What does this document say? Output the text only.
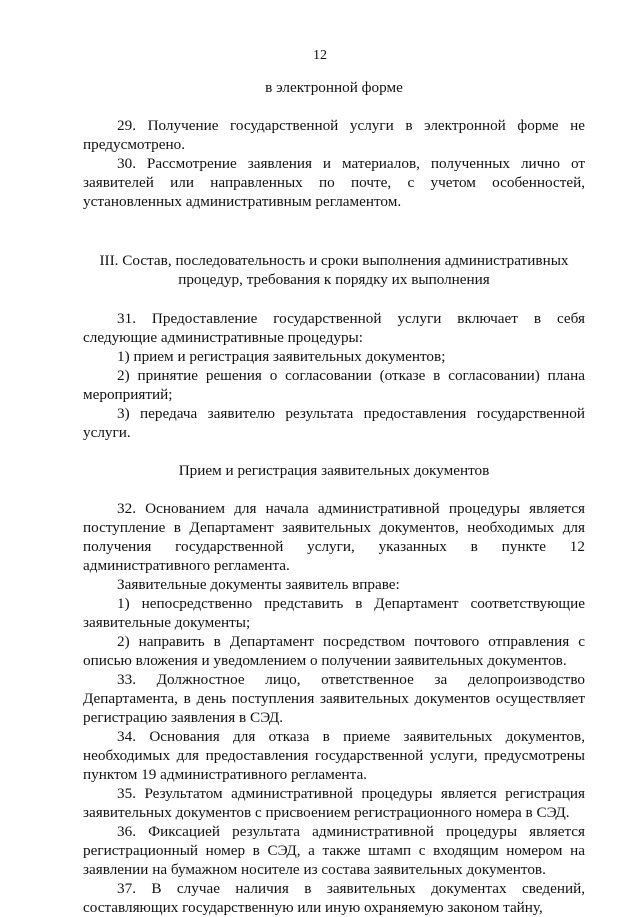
12

в электронной форме

29. Получение государственной услуги в электронной форме не предусмотрено.

30. Рассмотрение заявления и материалов, полученных лично от заявителей или направленных по почте, с учетом особенностей, установленных административным регламентом.

III. Состав, последовательность и сроки выполнения административных процедур, требования к порядку их выполнения

31. Предоставление государственной услуги включает в себя следующие административные процедуры:

1) прием и регистрация заявительных документов;

2) принятие решения о согласовании (отказе в согласовании) плана мероприятий;

3) передача заявителю результата предоставления государственной услуги.

Прием и регистрация заявительных документов

32. Основанием для начала административной процедуры является поступление в Департамент заявительных документов, необходимых для получения государственной услуги, указанных в пункте 12 административного регламента.

Заявительные документы заявитель вправе:

1) непосредственно представить в Департамент соответствующие заявительные документы;

2) направить в Департамент посредством почтового отправления с описью вложения и уведомлением о получении заявительных документов.

33. Должностное лицо, ответственное за делопроизводство Департамента, в день поступления заявительных документов осуществляет регистрацию заявления в СЭД.

34. Основания для отказа в приеме заявительных документов, необходимых для предоставления государственной услуги, предусмотрены пунктом 19 административного регламента.

35. Результатом административной процедуры является регистрация заявительных документов с присвоением регистрационного номера в СЭД.

36. Фиксацией результата административной процедуры является регистрационный номер в СЭД, а также штамп с входящим номером на заявлении на бумажном носителе из состава заявительных документов.

37. В случае наличия в заявительных документах сведений, составляющих государственную или иную охраняемую законом тайну,
